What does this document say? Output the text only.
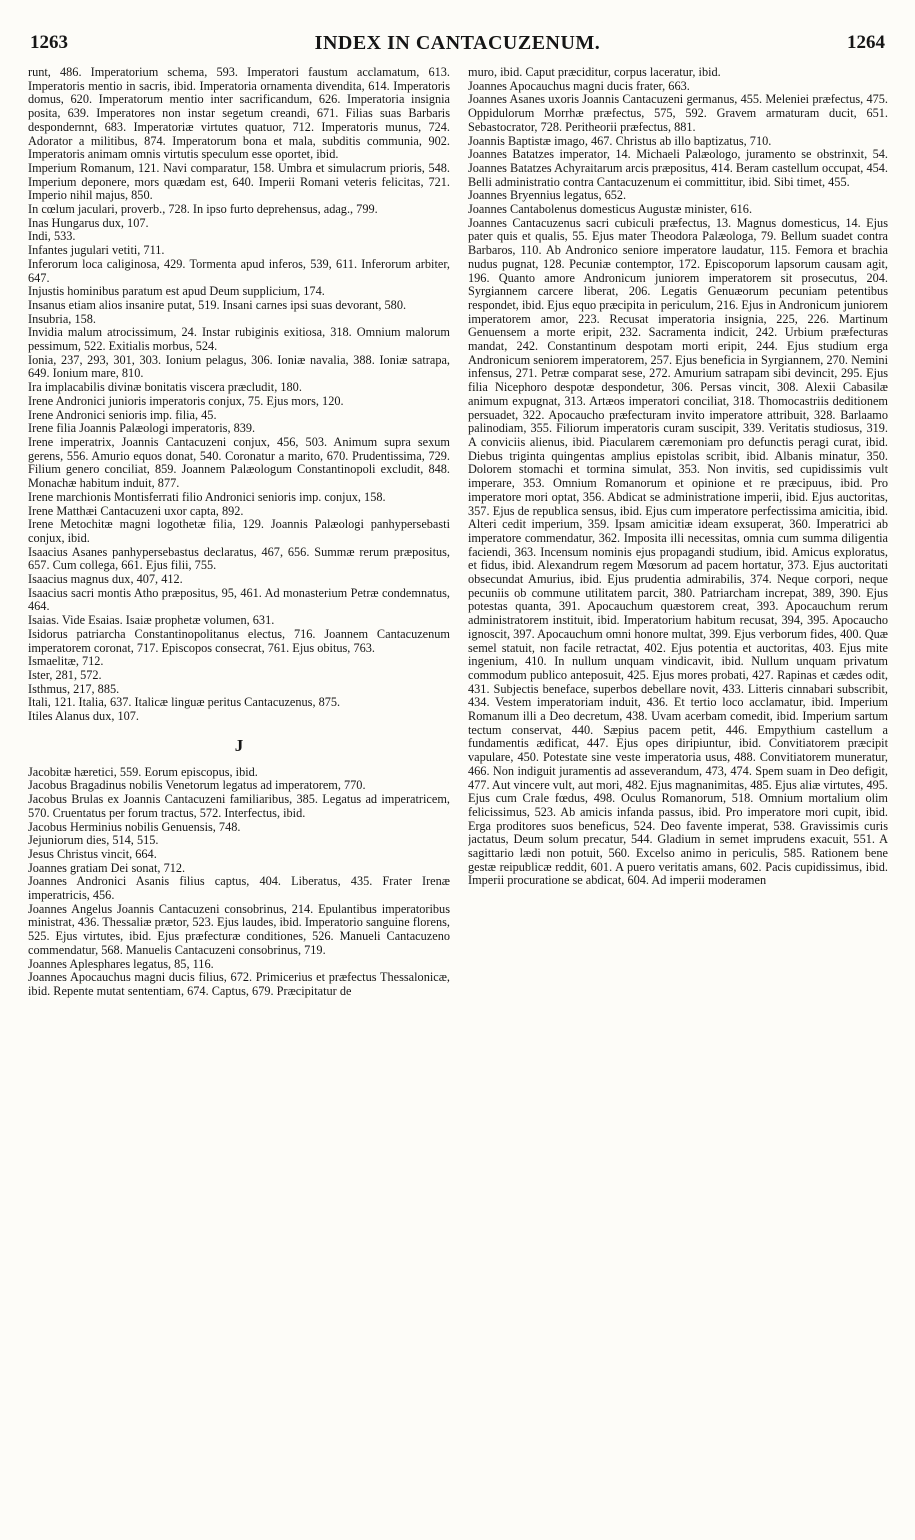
1263	INDEX IN CANTACUZENUM.	1264

runt, 486. Imperatorium schema, 593. Imperatori faustum acclamatum, 613. Imperatoris mentio in sacris, ibid. Imperatoria ornamenta divendita, 614. Imperatoris domus, 620. Imperatorum mentio inter sacrificandum, 626. Imperatoria insignia posita, 639. Imperatores non instar segetum creandi, 671. Filias suas Barbaris despondernnt, 683. Imperatoriæ virtutes quatuor, 712. Imperatoris munus, 724. Adorator a militibus, 874. Imperatorum bona et mala, subditis communia, 902. Imperatoris animam omnis virtutis speculum esse oportet, ibid.

Imperium Romanum, 121. Navi comparatur, 158. Umbra et simulacrum prioris, 548. Imperium deponere, mors quædam est, 640. Imperii Romani veteris felicitas, 721. Imperio nihil majus, 850.

In cœlum jaculari, proverb., 728. In ipso furto deprehensus, adag., 799.

Inas Hungarus dux, 107.

Indi, 533.

Infantes jugulari vetiti, 711.

Inferorum loca caliginosa, 429. Tormenta apud inferos, 539, 611. Inferorum arbiter, 647.

Injustis hominibus paratum est apud Deum supplicium, 174.

Insanus etiam alios insanire putat, 519. Insani carnes ipsi suas devorant, 580.

Insubria, 158.

Invidia malum atrocissimum, 24. Instar rubiginis exitiosa, 318. Omnium malorum pessimum, 522. Exitialis morbus, 524.

Ionia, 237, 293, 301, 303. Ionium pelagus, 306. Ioniæ navalia, 388. Ioniæ satrapa, 649. Ionium mare, 810.

Ira implacabilis divinæ bonitatis viscera præcludit, 180.

Irene Andronici junioris imperatoris conjux, 75. Ejus mors, 120.

Irene Andronici senioris imp. filia, 45.

Irene filia Joannis Palæologi imperatoris, 839.

Irene imperatrix, Joannis Cantacuzeni conjux, 456, 503. Animum supra sexum gerens, 556. Amurio equos donat, 540. Coronatur a marito, 670. Prudentissima, 729. Filium genero conciliat, 859. Joannem Palæologum Constantinopoli excludit, 848. Monachæ habitum induit, 877.

Irene marchionis Montisferrati filio Andronici senioris imp. conjux, 158.

Irene Matthæi Cantacuzeni uxor capta, 892.

Irene Metochitæ magni logothetæ filia, 129. Joannis Palæologi panhypersebasti conjux, ibid.

Isaacius Asanes panhypersebastus declaratus, 467, 656. Summæ rerum præpositus, 657. Cum collega, 661. Ejus filii, 755.

Isaacius magnus dux, 407, 412.

Isaacius sacri montis Atho præpositus, 95, 461. Ad monasterium Petræ condemnatus, 464.

Isaias. Vide Esaias. Isaiæ prophetæ volumen, 631.

Isidorus patriarcha Constantinopolitanus electus, 716. Joannem Cantacuzenum imperatorem coronat, 717. Episcopos consecrat, 761. Ejus obitus, 763.

Ismaelitæ, 712.

Ister, 281, 572.

Isthmus, 217, 885.

Itali, 121. Italia, 637. Italicæ linguæ peritus Cantacuzenus, 875.

Itiles Alanus dux, 107.

J

Jacobitæ hæretici, 559. Eorum episcopus, ibid.

Jacobus Bragadinus nobilis Venetorum legatus ad imperatorem, 770.

Jacobus Brulas ex Joannis Cantacuzeni familiaribus, 385. Legatus ad imperatricem, 570. Cruentatus per forum tractus, 572. Interfectus, ibid.

Jacobus Herminius nobilis Genuensis, 748.

Jejuniorum dies, 514, 515.

Jesus Christus vincit, 664.

Joannes gratiam Dei sonat, 712.

Joannes Andronici Asanis filius captus, 404. Liberatus, 435. Frater Irenæ imperatricis, 456.

Joannes Angelus Joannis Cantacuzeni consobrinus, 214. Epulantibus imperatoribus ministrat, 436. Thessaliæ prætor, 523. Ejus laudes, ibid. Imperatorio sanguine florens, 525. Ejus virtutes, ibid. Ejus præfecturæ conditiones, 526. Manueli Cantacuzeno commendatur, 568. Manuelis Cantacuzeni consobrinus, 719.

Joannes Aplesphares legatus, 85, 116.

Joannes Apocauchus magni ducis filius, 672. Primicerius et præfectus Thessalonicæ, ibid. Repente mutat sententiam, 674. Captus, 679. Præcipitatur de

muro, ibid. Caput præciditur, corpus laceratur, ibid.

Joannes Apocauchus magni ducis frater, 663.

Joannes Asanes uxoris Joannis Cantacuzeni germanus, 455. Meleniei præfectus, 475. Oppidulorum Morrhæ præfectus, 575, 592. Gravem armaturam ducit, 651. Sebastocrator, 728. Peritheorii præfectus, 881.

Joannis Baptistæ imago, 467. Christus ab illo baptizatus, 710.

Joannes Batatzes imperator, 14. Michaeli Palæologo, juramento se obstrinxit, 54. Joannes Batatzes Achyraitarum arcis præpositus, 414. Beram castellum occupat, 454. Belli administratio contra Cantacuzenum ei committitur, ibid. Sibi timet, 455.

Joannes Bryennius legatus, 652.

Joannes Cantabolenus domesticus Augustæ minister, 616.

Joannes Cantacuzenus sacri cubiculi præfectus, 13. Magnus domesticus, 14. Ejus pater quis et qualis, 55. Ejus mater Theodora Palæologa, 79. Bellum suadet contra Barbaros, 110. Ab Andronico seniore imperatore laudatur, 115. Femora et brachia nudus pugnat, 128. Pecuniæ contemptor, 172. Episcoporum lapsorum causam agit, 196. Quanto amore Andronicum juniorem imperatorem sit prosecutus, 204. Syrgiannem carcere liberat, 206. Legatis Genuæorum pecuniam petentibus respondet, ibid. Ejus equo præcipita in periculum, 216. Ejus in Andronicum juniorem imperatorem amor, 223. Recusat imperatoria insignia, 225, 226. Martinum Genuensem a morte eripit, 232. Sacramenta indicit, 242. Urbium præfecturas mandat, 242. Constantinum despotam morti eripit, 244. Ejus studium erga Andronicum seniorem imperatorem, 257. Ejus beneficia in Syrgiannem, 270. Nemini infensus, 271. Petræ comparat sese, 272. Amurium satrapam sibi devincit, 295. Ejus filia Nicephoro despotæ despondetur, 306. Persas vincit, 308. Alexii Cabasilæ animum expugnat, 313. Artæos imperatori conciliat, 318. Thomocastriis deditionem persuadet, 322. Apocaucho præfecturam invito imperatore attribuit, 328. Barlaamo palinodiam, 355. Filiorum imperatoris curam suscipit, 339. Veritatis studiosus, 319. A conviciis alienus, ibid. Piacularem cæremoniam pro defunctis peragi curat, ibid. Diebus triginta quingentas amplius epistolas scribit, ibid. Albanis minatur, 350. Dolorem stomachi et tormina simulat, 353. Non invitis, sed cupidissimis vult imperare, 353. Omnium Romanorum et opinione et re præcipuus, ibid. Pro imperatore mori optat, 356. Abdicat se administratione imperii, ibid. Ejus auctoritas, 357. Ejus de republica sensus, ibid. Ejus cum imperatore perfectissima amicitia, ibid. Alteri cedit imperium, 359. Ipsam amicitiæ ideam exsuperat, 360. Imperatrici ab imperatore commendatur, 362. Imposita illi necessitas, omnia cum summa diligentia faciendi, 363. Incensum nominis ejus propagandi studium, ibid. Amicus exploratus, et fidus, ibid. Alexandrum regem Mœsorum ad pacem hortatur, 373. Ejus auctoritati obsecundat Amurius, ibid. Ejus prudentia admirabilis, 374. Neque corpori, neque pecuniis ob commune utilitatem parcit, 380. Patriarcham increpat, 389, 390. Ejus potestas quanta, 391. Apocauchum quæstorem creat, 393. Apocauchum rerum administratorem instituit, ibid. Imperatorium habitum recusat, 394, 395. Apocaucho ignoscit, 397. Apocauchum omni honore multat, 399. Ejus verborum fides, 400. Quæ semel statuit, non facile retractat, 402. Ejus potentia et auctoritas, 403. Ejus mite ingenium, 410. In nullum unquam vindicavit, ibid. Nullum unquam privatum commodum publico anteposuit, 425. Ejus mores probati, 427. Rapinas et cædes odit, 431. Subjectis beneface, superbos debellare novit, 433. Litteris cinnabari subscribit, 434. Vestem imperatoriam induit, 436. Et tertio loco acclamatur, ibid. Imperium Romanum illi a Deo decretum, 438. Uvam acerbam comedit, ibid. Imperium sartum tectum conservat, 440. Sæpius pacem petit, 446. Empythium castellum a fundamentis ædificat, 447. Ejus opes diripiuntur, ibid. Convitiatorem præcipit vapulare, 450. Potestate sine veste imperatoria usus, 488. Convitiatorem muneratur, 466. Non indiguit juramentis ad asseverandum, 473, 474. Spem suam in Deo defigit, 477. Aut vincere vult, aut mori, 482. Ejus magnanimitas, 485. Ejus aliæ virtutes, 495. Ejus cum Crale fœdus, 498. Oculus Romanorum, 518. Omnium mortalium olim felicissimus, 523. Ab amicis infanda passus, ibid. Pro imperatore mori cupit, ibid. Erga proditores suos beneficus, 524. Deo favente imperat, 538. Gravissimis curis jactatus, Deum solum precatur, 544. Gladium in semet imprudens exacuit, 551. A sagittario lædi non potuit, 560. Excelso animo in periculis, 585. Rationem bene gestæ reipublicæ reddit, 601. A puero veritatis amans, 602. Pacis cupidissimus, ibid. Imperii procuratione se abdicat, 604. Ad imperii moderamen
